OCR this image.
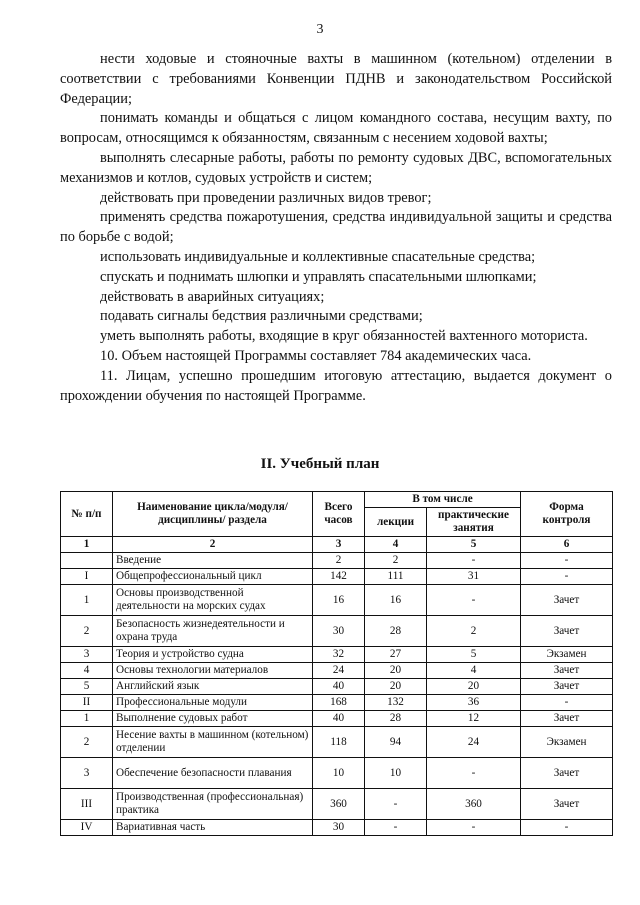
3

нести ходовые и стояночные вахты в машинном (котельном) отделении в соответствии с требованиями Конвенции ПДНВ и законодательством Российской Федерации;

понимать команды и общаться с лицом командного состава, несущим вахту, по вопросам, относящимся к обязанностям, связанным с несением ходовой вахты;

выполнять слесарные работы, работы по ремонту судовых ДВС, вспомогательных механизмов и котлов, судовых устройств и систем;

действовать при проведении различных видов тревог;

применять средства пожаротушения, средства индивидуальной защиты и средства по борьбе с водой;

использовать индивидуальные и коллективные спасательные средства;

спускать и поднимать шлюпки и управлять спасательными шлюпками;

действовать в аварийных ситуациях;

подавать сигналы бедствия различными средствами;

уметь выполнять работы, входящие в круг обязанностей вахтенного моториста.

10. Объем настоящей Программы составляет 784 академических часа.

11. Лицам, успешно прошедшим итоговую аттестацию, выдается документ о прохождении обучения по настоящей Программе.

II. Учебный план
№ п/п	Наименование цикла/модуля/дисциплины/ раздела	Всего часов	В том числе		Форма контроля
			лекции	практические занятия	
1	2	3	4	5	6
	Введение	2	2	-	-
I	Общепрофессиональный цикл	142	111	31	-
1	Основы производственной деятельности на морских судах	16	16	-	Зачет
2	Безопасность жизнедеятельности и охрана труда	30	28	2	Зачет
3	Теория и устройство судна	32	27	5	Экзамен
4	Основы технологии материалов	24	20	4	Зачет
5	Английский язык	40	20	20	Зачет
II	Профессиональные модули	168	132	36	-
1	Выполнение судовых работ	40	28	12	Зачет
2	Несение вахты в машинном (котельном) отделении	118	94	24	Экзамен
3	Обеспечение безопасности плавания	10	10	-	Зачет
III	Производственная (профессиональная) практика	360	-	360	Зачет
IV	Вариативная часть	30	-	-	-
